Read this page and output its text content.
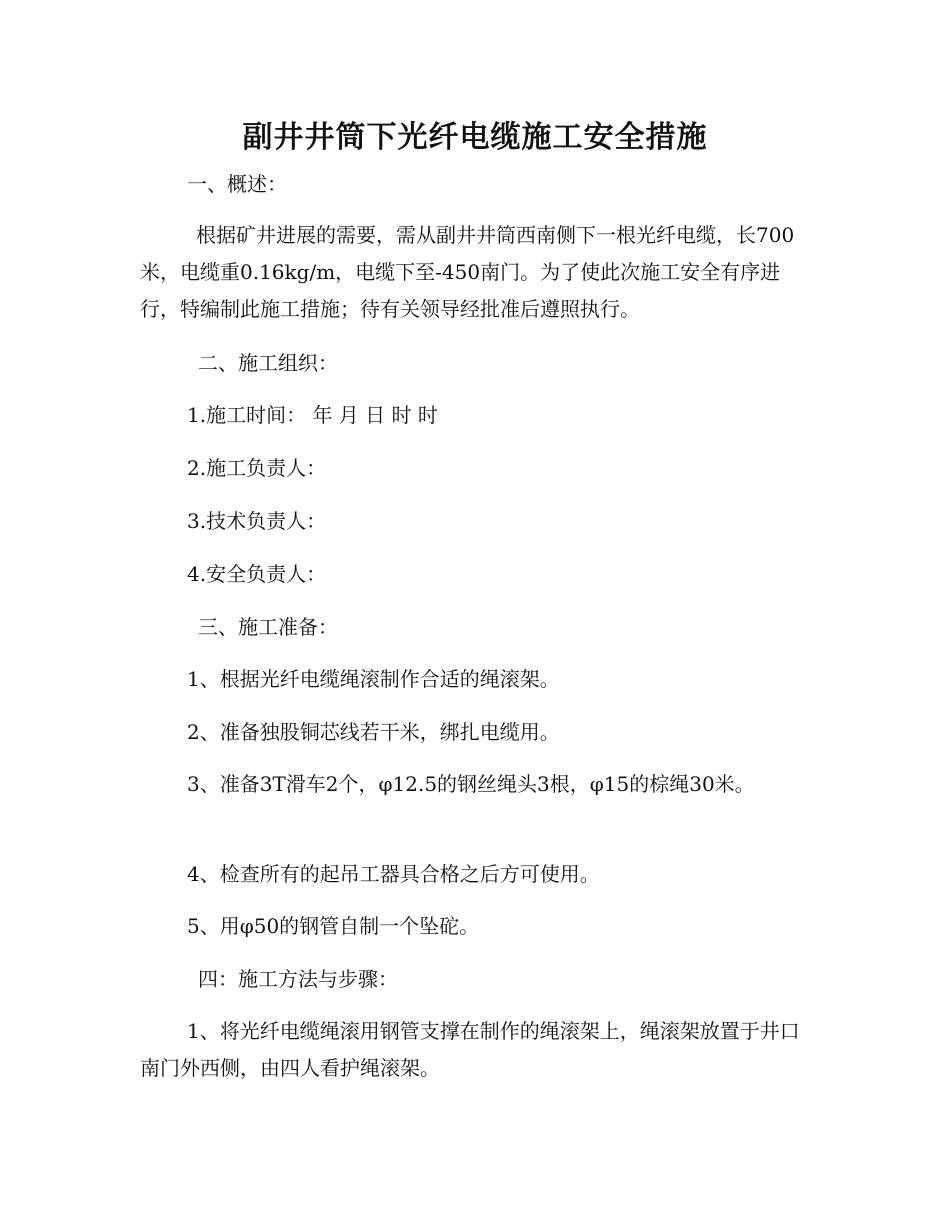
副井井筒下光纤电缆施工安全措施
一、概述：
根据矿井进展的需要，需从副井井筒西南侧下一根光纤电缆，长700米，电缆重0.16kg/m，电缆下至-450南门。为了使此次施工安全有序进行，特编制此施工措施；待有关领导经批准后遵照执行。
二、施工组织：
1.施工时间： 年 月 日 时 时
2.施工负责人：
3.技术负责人：
4.安全负责人：
三、施工准备：
1、根据光纤电缆绳滚制作合适的绳滚架。
2、准备独股铜芯线若干米，绑扎电缆用。
3、准备3T滑车2个，φ12.5的钢丝绳头3根，φ15的棕绳30米。
4、检查所有的起吊工器具合格之后方可使用。
5、用φ50的钢管自制一个坠砣。
四：施工方法与步骤：
1、将光纤电缆绳滚用钢管支撑在制作的绳滚架上，绳滚架放置于井口南门外西侧，由四人看护绳滚架。
